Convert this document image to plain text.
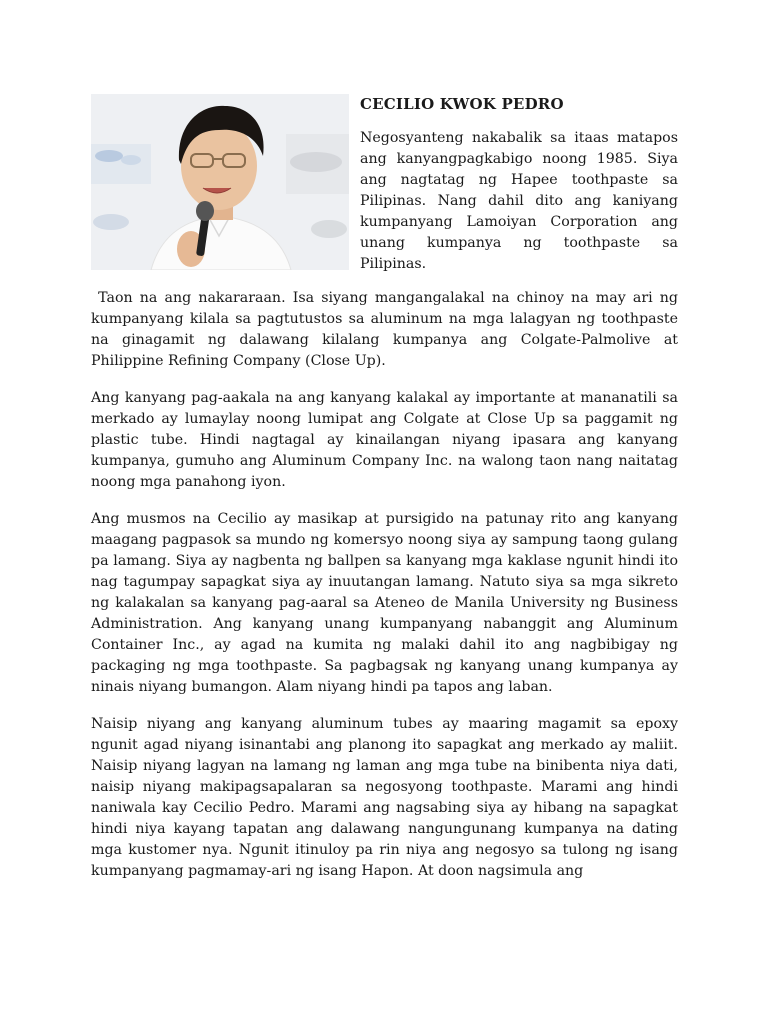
CECILIO KWOK PEDRO

Negosyanteng nakabalik sa itaas matapos ang kanyangpagkabigo noong 1985. Siya ang nagtatag ng Hapee toothpaste sa Pilipinas. Nang dahil dito ang kaniyang kumpanyang Lamoiyan Corporation ang unang kumpanya ng toothpaste sa Pilipinas.

Taon na ang nakararaan. Isa siyang mangangalakal na chinoy na may ari ng kumpanyang kilala sa pagtutustos sa aluminum na mga lalagyan ng toothpaste na ginagamit ng dalawang kilalang kumpanya ang Colgate-Palmolive at Philippine Refining Company (Close Up).

Ang kanyang pag-aakala na ang kanyang kalakal ay importante at mananatili sa merkado ay lumaylay noong lumipat ang Colgate at Close Up sa paggamit ng plastic tube. Hindi nagtagal ay kinailangan niyang ipasara ang kanyang kumpanya, gumuho ang Aluminum Company Inc. na walong taon nang naitatag noong mga panahong iyon.

Ang musmos na Cecilio ay masikap at pursigido na patunay rito ang kanyang maagang pagpasok sa mundo ng komersyo noong siya ay sampung taong gulang pa lamang. Siya ay nagbenta ng ballpen sa kanyang mga kaklase ngunit hindi ito nag tagumpay sapagkat siya ay inuutangan lamang. Natuto siya sa mga sikreto ng kalakalan sa kanyang pag-aaral sa Ateneo de Manila University ng Business Administration. Ang kanyang unang kumpanyang nabanggit ang Aluminum Container Inc., ay agad na kumita ng malaki dahil ito ang nagbibigay ng packaging ng mga toothpaste. Sa pagbagsak ng kanyang unang kumpanya ay ninais niyang bumangon. Alam niyang hindi pa tapos ang laban.

Naisip niyang ang kanyang aluminum tubes ay maaring magamit sa epoxy ngunit agad niyang isinantabi ang planong ito sapagkat ang merkado ay maliit. Naisip niyang lagyan na lamang ng laman ang mga tube na binibenta niya dati, naisip niyang makipagsapalaran sa negosyong toothpaste. Marami ang hindi naniwala kay Cecilio Pedro. Marami ang nagsabing siya ay hibang na sapagkat hindi niya kayang tapatan ang dalawang nangungunang kumpanya na dating mga kustomer nya. Ngunit itinuloy pa rin niya ang negosyo sa tulong ng isang kumpanyang pagmamay-ari ng isang Hapon. At doon nagsimula ang
